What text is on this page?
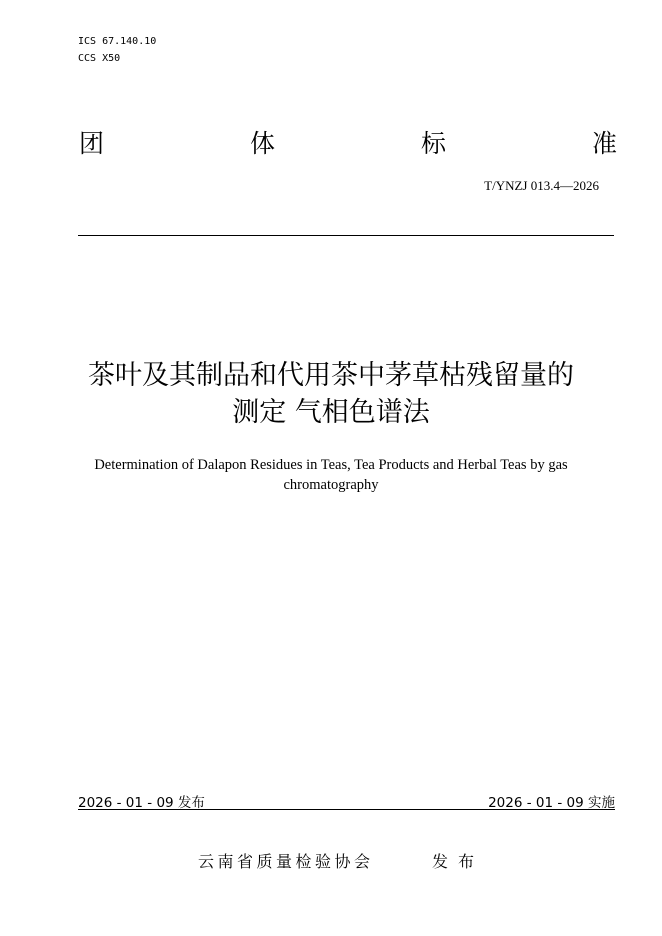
ICS 67.140.10
CCS X50
团	体	标	准
T/YNZJ 013.4—2026
茶叶及其制品和代用茶中茅草枯残留量的
测定 气相色谱法
Determination of Dalapon Residues in Teas, Tea Products and Herbal Teas by gas
chromatography
2026 - 01 - 09 发布	2026 - 01 - 09 实施
云南省质量检验协会	发布
